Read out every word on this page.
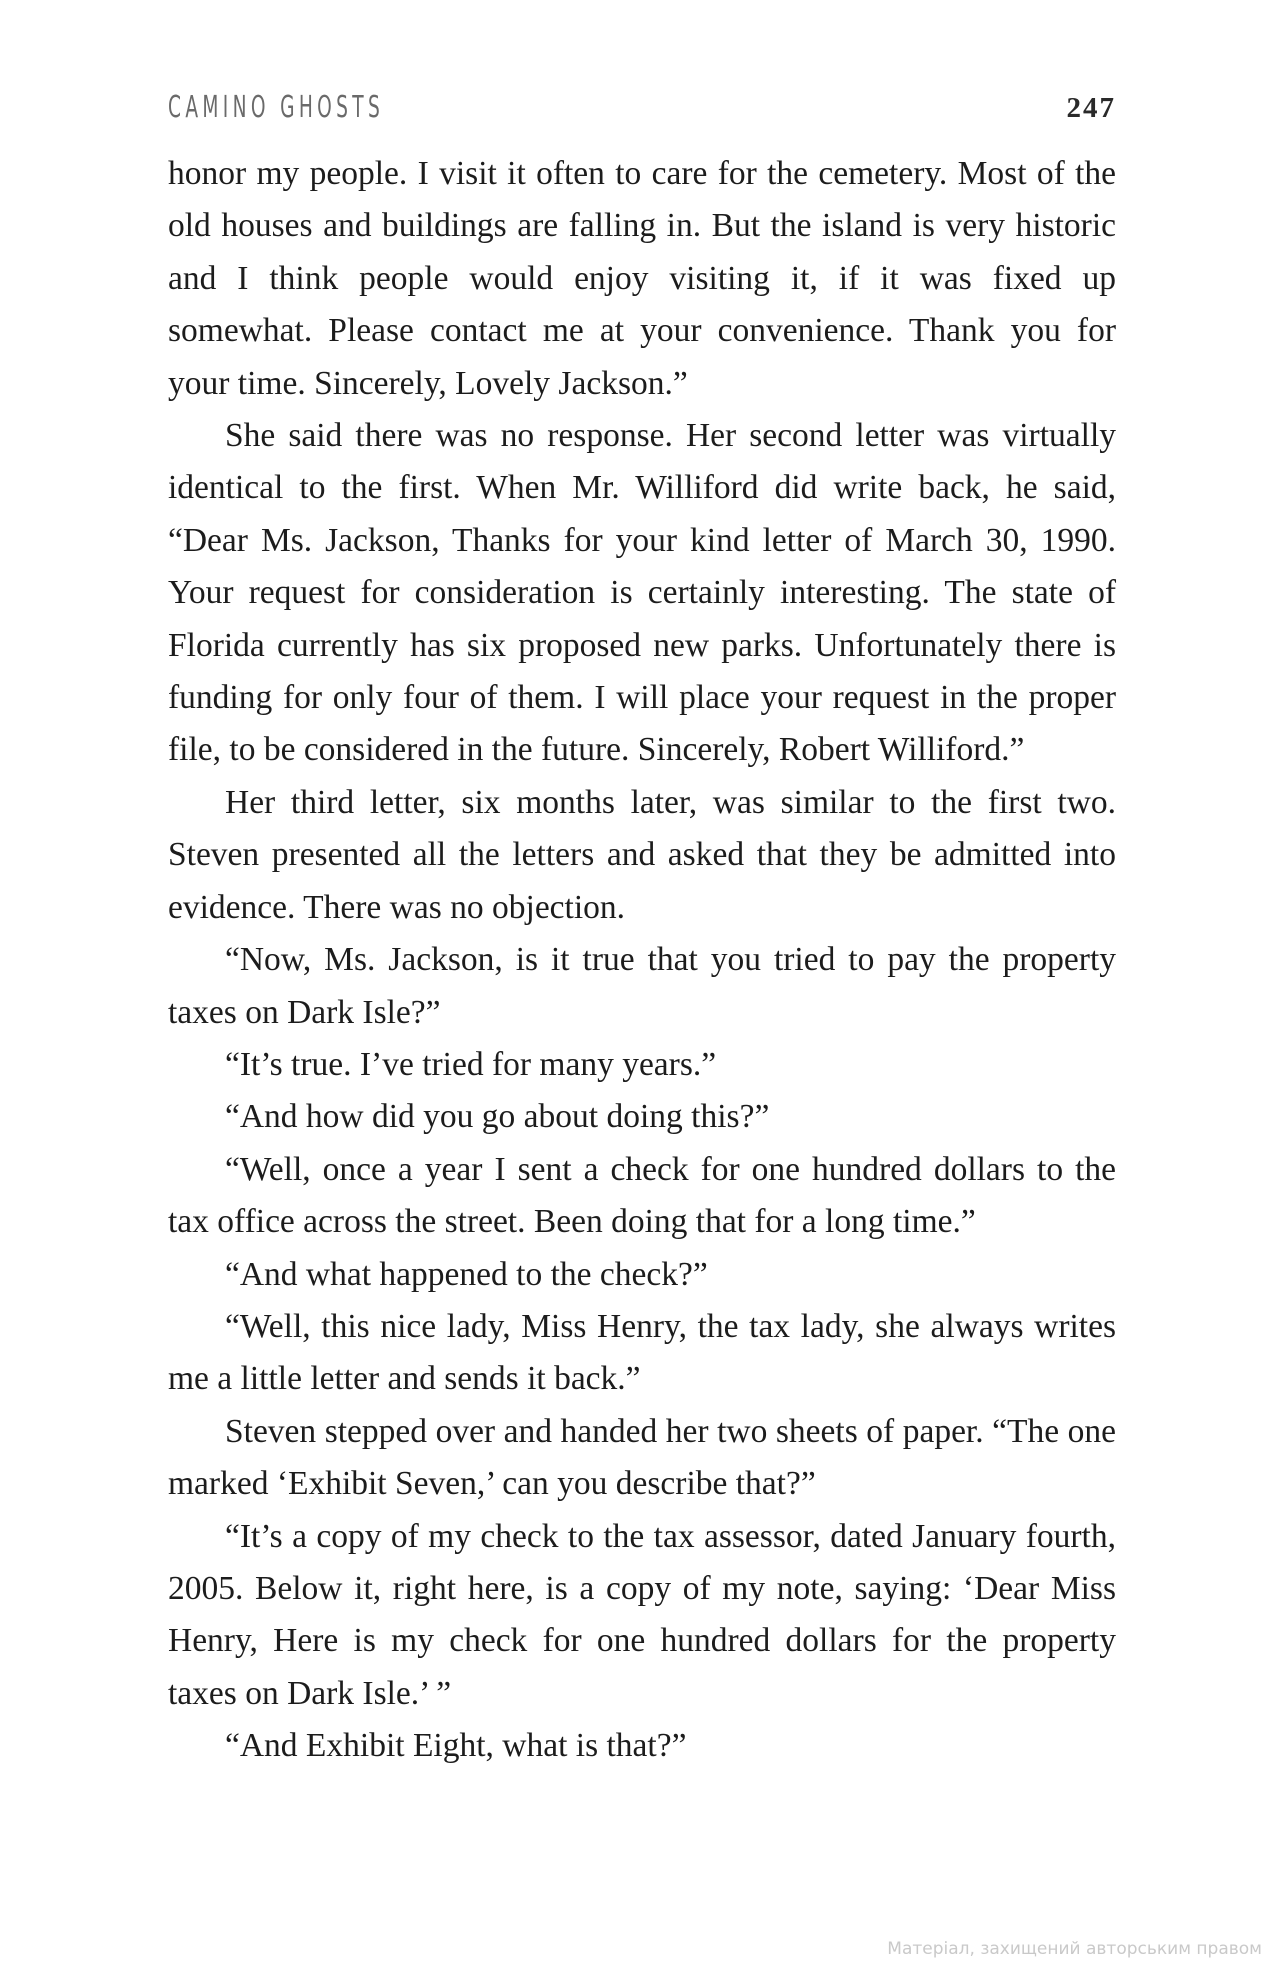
CAMINO GHOSTS	247

honor my people. I visit it often to care for the cemetery. Most of the old houses and buildings are falling in. But the island is very historic and I think people would enjoy visiting it, if it was fixed up somewhat. Please contact me at your convenience. Thank you for your time. Sincerely, Lovely Jackson.”

She said there was no response. Her second letter was virtually identical to the first. When Mr. Williford did write back, he said, “Dear Ms. Jackson, Thanks for your kind letter of March 30, 1990. Your request for consideration is certainly interesting. The state of Florida currently has six proposed new parks. Unfortunately there is funding for only four of them. I will place your request in the proper file, to be considered in the future. Sincerely, Robert Williford.”

Her third letter, six months later, was similar to the first two. Steven presented all the letters and asked that they be admitted into evidence. There was no objection.

“Now, Ms. Jackson, is it true that you tried to pay the property taxes on Dark Isle?”

“It’s true. I’ve tried for many years.”

“And how did you go about doing this?”

“Well, once a year I sent a check for one hundred dollars to the tax office across the street. Been doing that for a long time.”

“And what happened to the check?”

“Well, this nice lady, Miss Henry, the tax lady, she always writes me a little letter and sends it back.”

Steven stepped over and handed her two sheets of paper. “The one marked ‘Exhibit Seven,’ can you describe that?”

“It’s a copy of my check to the tax assessor, dated January fourth, 2005. Below it, right here, is a copy of my note, saying: ‘Dear Miss Henry, Here is my check for one hundred dollars for the property taxes on Dark Isle.’ ”

“And Exhibit Eight, what is that?”

Матеріал, захищений авторським правом
